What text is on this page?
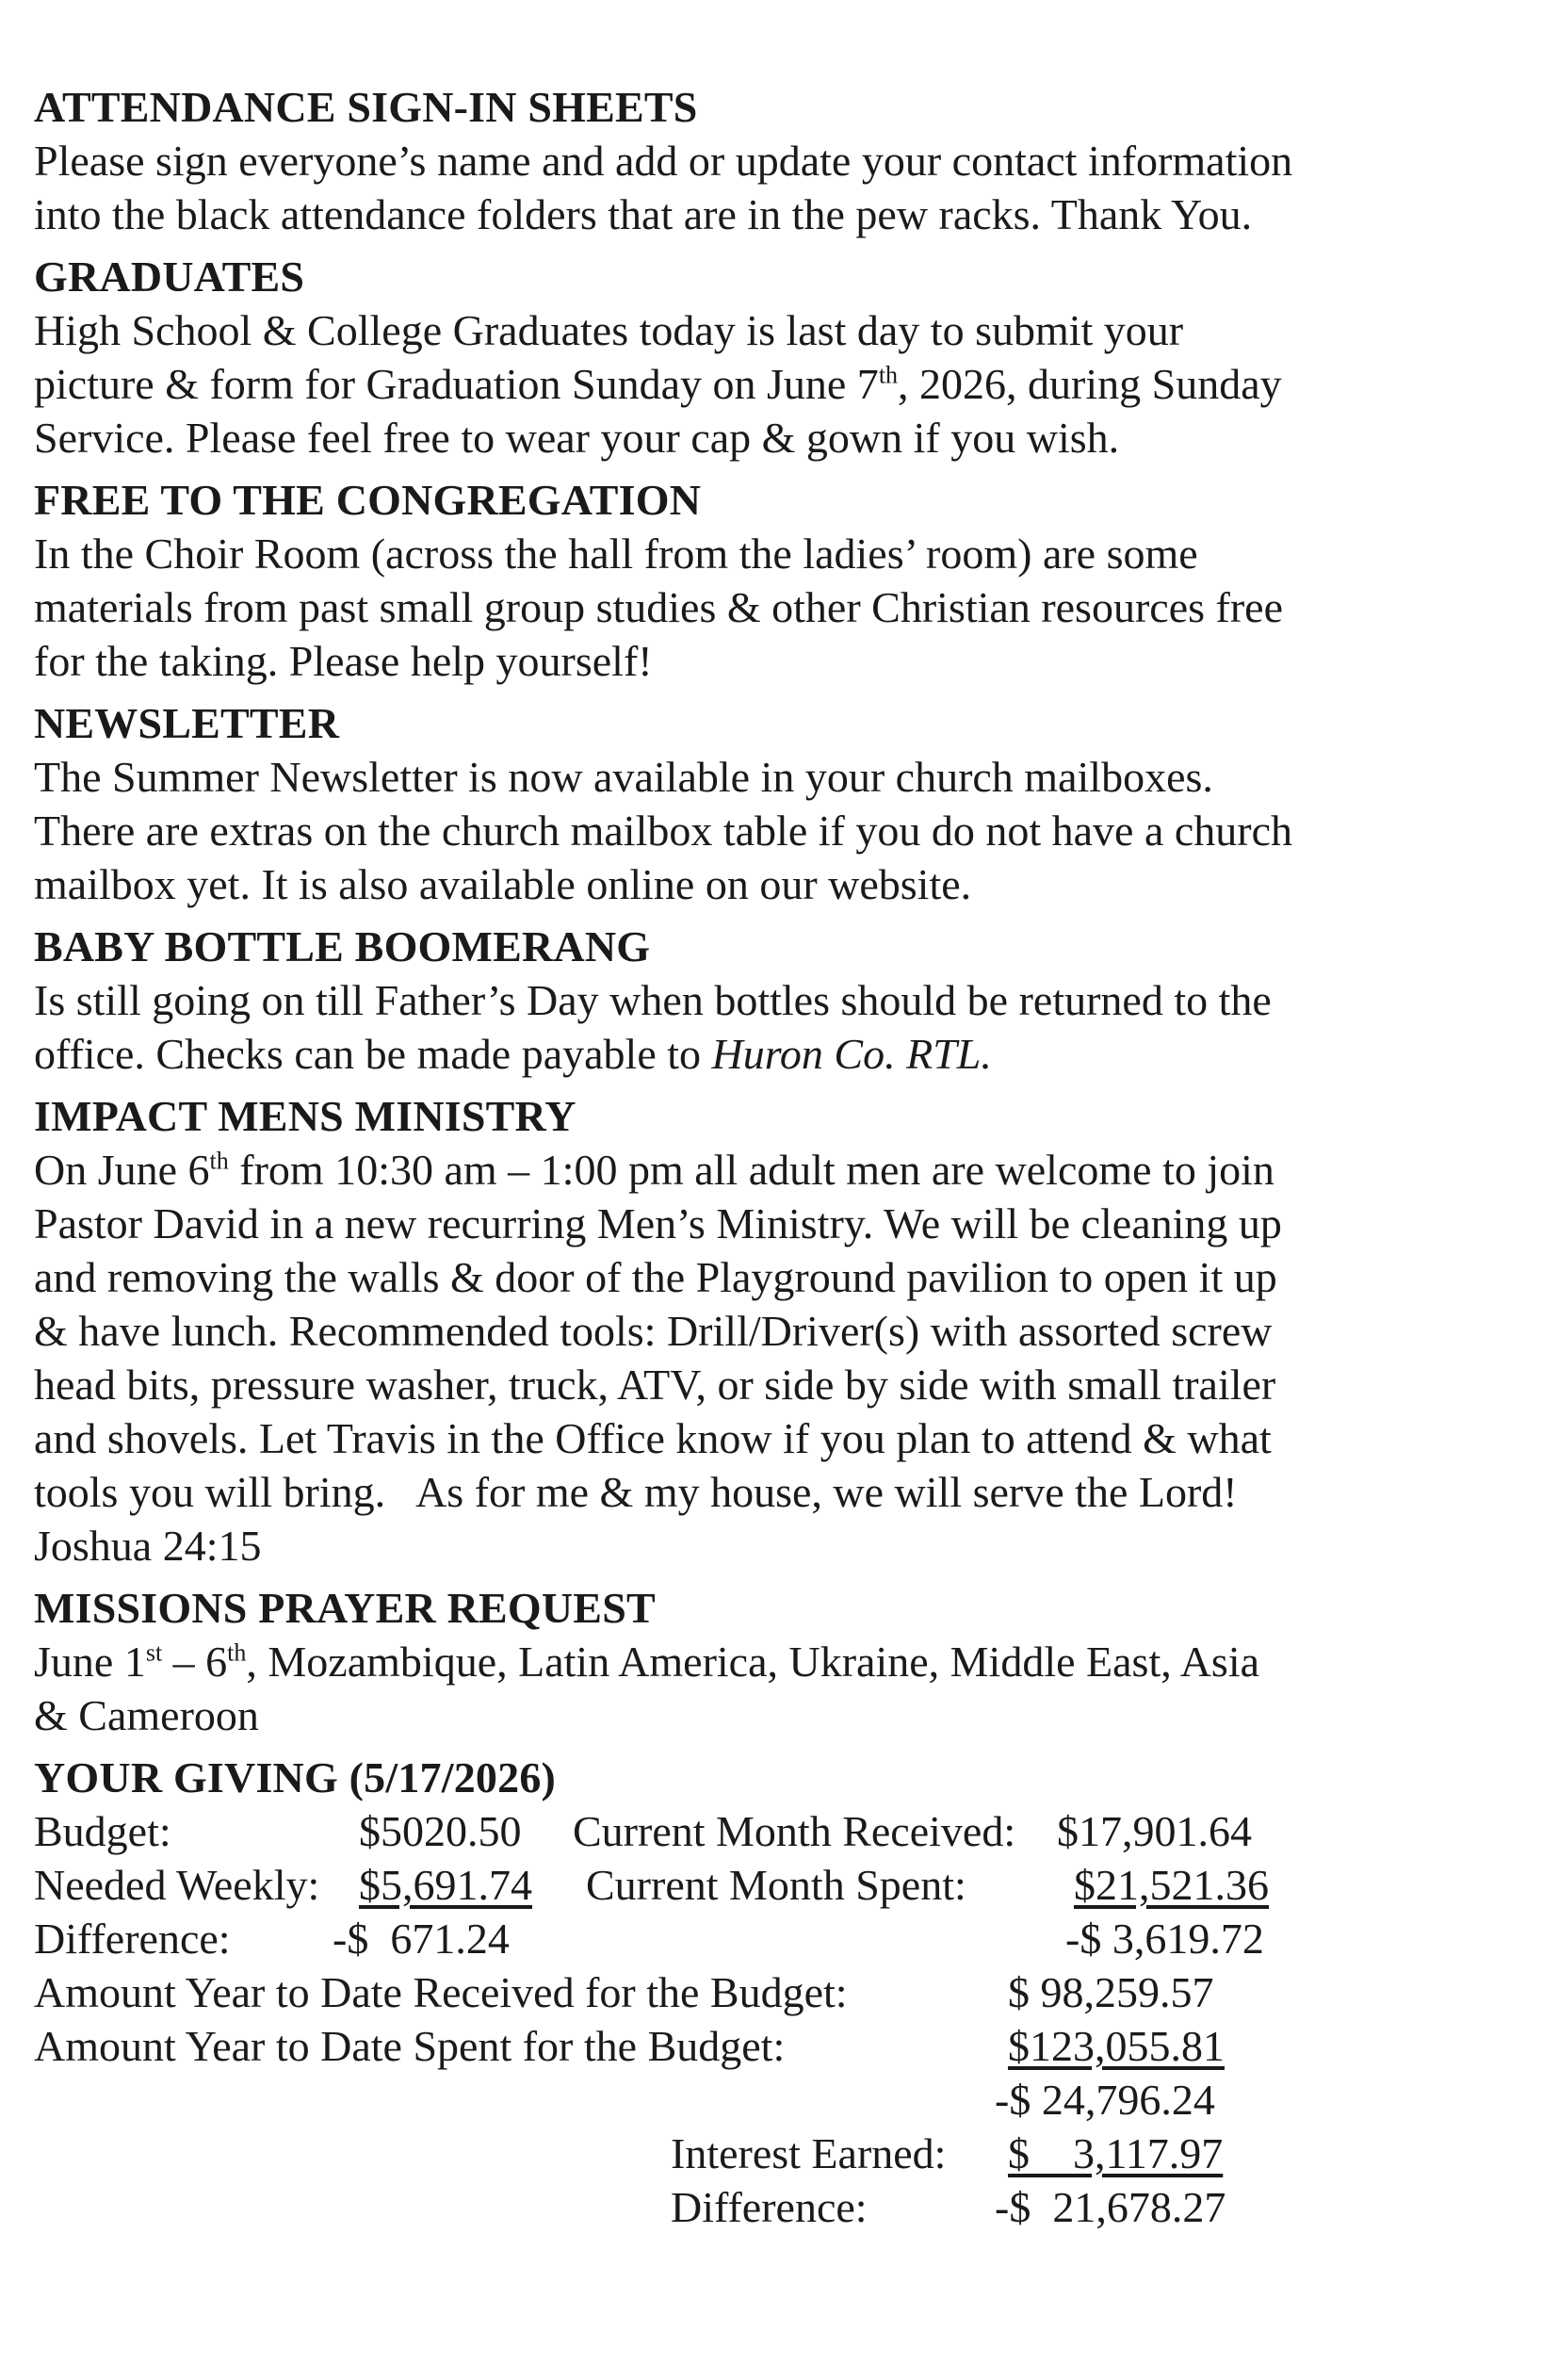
ATTENDANCE SIGN-IN SHEETS
Please sign everyone’s name and add or update your contact information
into the black attendance folders that are in the pew racks. Thank You.
GRADUATES
High School & College Graduates today is last day to submit your
picture & form for Graduation Sunday on June 7th, 2026, during Sunday
Service. Please feel free to wear your cap & gown if you wish.
FREE TO THE CONGREGATION
In the Choir Room (across the hall from the ladies’ room) are some
materials from past small group studies & other Christian resources free
for the taking. Please help yourself!
NEWSLETTER
The Summer Newsletter is now available in your church mailboxes.
There are extras on the church mailbox table if you do not have a church
mailbox yet. It is also available online on our website.
BABY BOTTLE BOOMERANG
Is still going on till Father’s Day when bottles should be returned to the
office. Checks can be made payable to Huron Co. RTL.
IMPACT MENS MINISTRY
On June 6th from 10:30 am – 1:00 pm all adult men are welcome to join
Pastor David in a new recurring Men’s Ministry. We will be cleaning up
and removing the walls & door of the Playground pavilion to open it up
& have lunch. Recommended tools: Drill/Driver(s) with assorted screw
head bits, pressure washer, truck, ATV, or side by side with small trailer
and shovels. Let Travis in the Office know if you plan to attend & what
tools you will bring.   As for me & my house, we will serve the Lord!
Joshua 24:15
MISSIONS PRAYER REQUEST
June 1st – 6th, Mozambique, Latin America, Ukraine, Middle East, Asia
& Cameroon
YOUR GIVING (5/17/2026)
Budget:	$5020.50 Current Month Received: $17,901.64
Needed Weekly: $5,691.74 Current Month Spent: $21,521.36
Difference: -$  671.24	-$ 3,619.72
Amount Year to Date Received for the Budget:	$ 98,259.57
Amount Year to Date Spent for the Budget:	$123,055.81
-$ 24,796.24
Interest Earned: $    3,117.97
Difference:	-$  21,678.27
